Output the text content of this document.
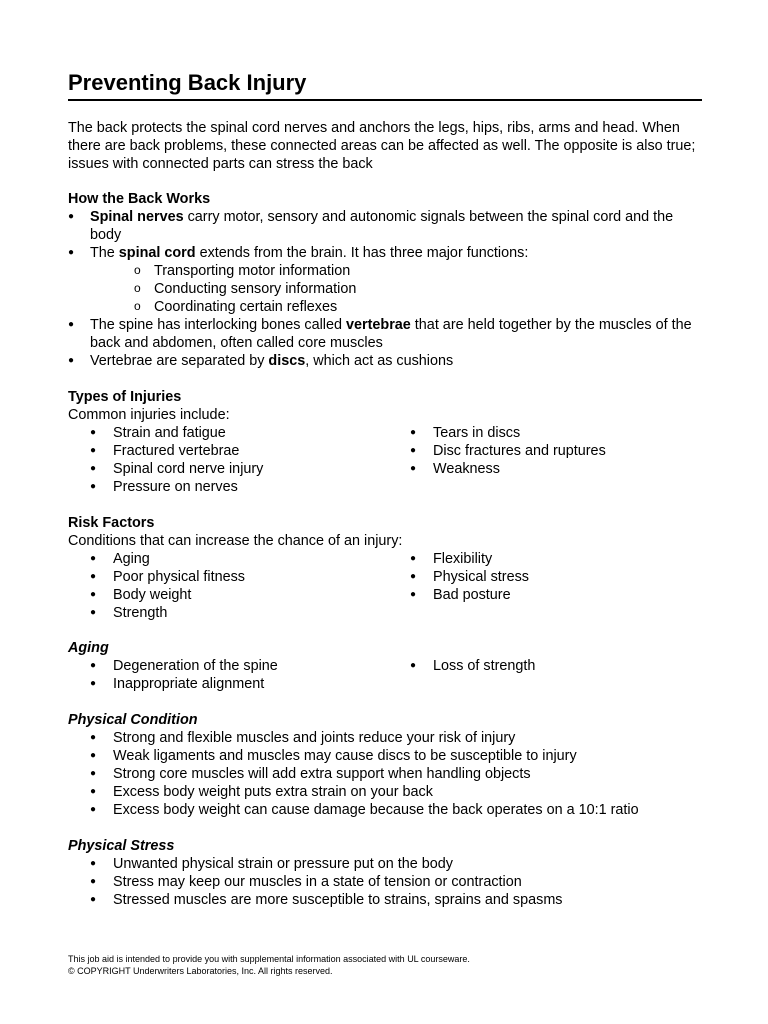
Preventing Back Injury

The back protects the spinal cord nerves and anchors the legs, hips, ribs, arms and head. When there are back problems, these connected areas can be affected as well. The opposite is also true; issues with connected parts can stress the back

How the Back Works
● Spinal nerves carry motor, sensory and autonomic signals between the spinal cord and the body
● The spinal cord extends from the brain. It has three major functions:
o Transporting motor information
o Conducting sensory information
o Coordinating certain reflexes
● The spine has interlocking bones called vertebrae that are held together by the muscles of the back and abdomen, often called core muscles
● Vertebrae are separated by discs, which act as cushions
Types of Injuries

Common injuries include:

● Strain and fatigue
● Fractured vertebrae
● Spinal cord nerve injury
● Pressure on nerves
● Tears in discs
● Disc fractures and ruptures
● Weakness
Risk Factors

Conditions that can increase the chance of an injury:

● Aging
● Poor physical fitness
● Body weight
● Strength
● Flexibility
● Physical stress
● Bad posture
Aging
● Degeneration of the spine
● Inappropriate alignment
● Loss of strength
Physical Condition
● Strong and flexible muscles and joints reduce your risk of injury
● Weak ligaments and muscles may cause discs to be susceptible to injury
● Strong core muscles will add extra support when handling objects
● Excess body weight puts extra strain on your back
● Excess body weight can cause damage because the back operates on a 10:1 ratio
Physical Stress
● Unwanted physical strain or pressure put on the body
● Stress may keep our muscles in a state of tension or contraction
● Stressed muscles are more susceptible to strains, sprains and spasms
This job aid is intended to provide you with supplemental information associated with UL courseware.
© COPYRIGHT Underwriters Laboratories, Inc. All rights reserved.
